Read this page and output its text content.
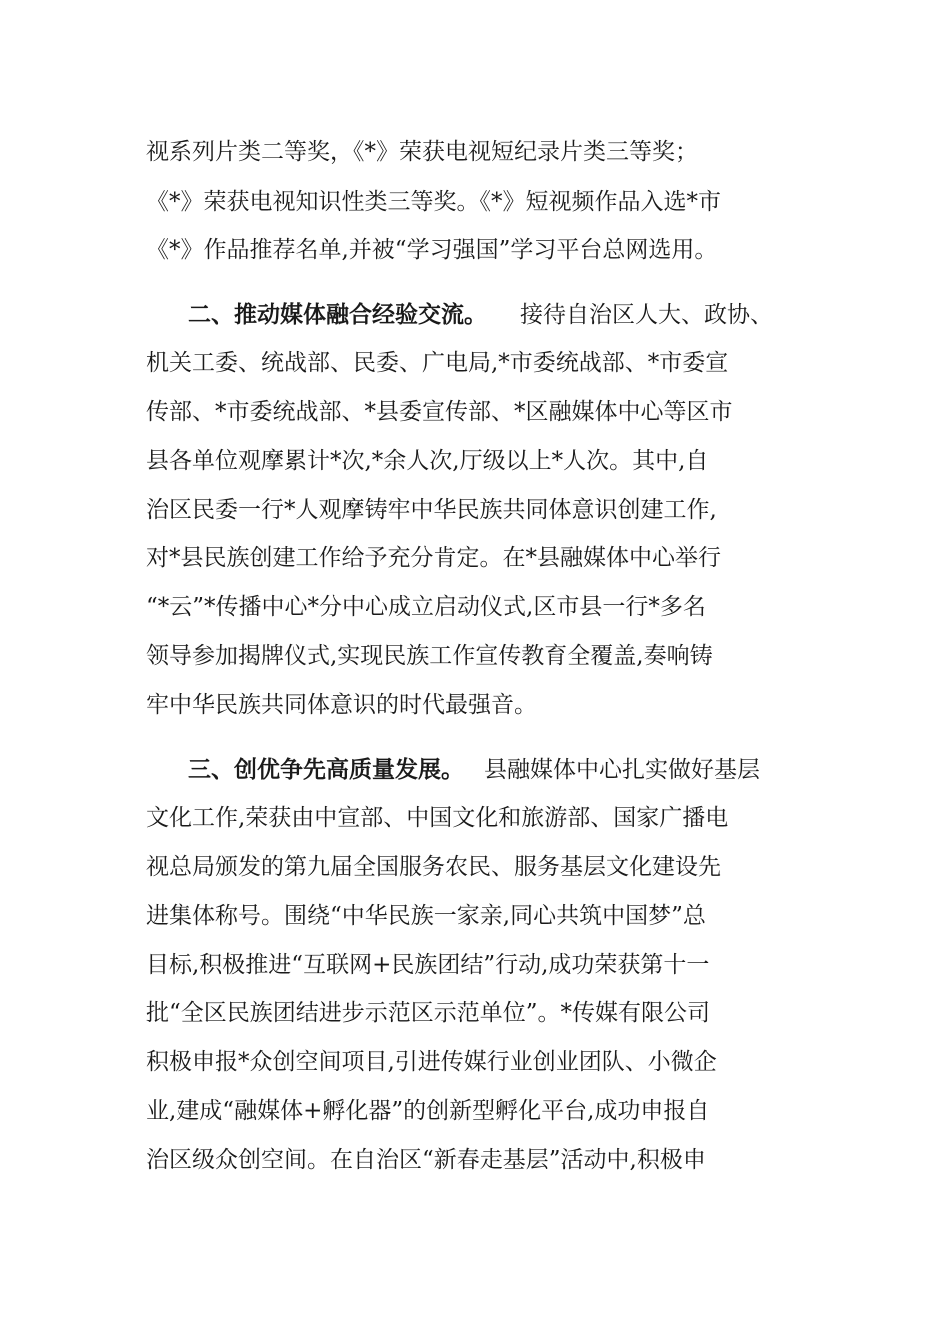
视系列片类二等奖，《*》荣获电视短纪录片类三等奖；
《*》荣获电视知识性类三等奖。《*》短视频作品入选*市
《*》作品推荐名单,并被“学习强国”学习平台总网选用。
二、推动媒体融合经验交流。 接待自治区人大、政协、
机关工委、统战部、民委、广电局,*市委统战部、*市委宣
传部、*市委统战部、*县委宣传部、*区融媒体中心等区市
县各单位观摩累计*次,*余人次,厅级以上*人次。其中,自
治区民委一行*人观摩铸牢中华民族共同体意识创建工作,
对*县民族创建工作给予充分肯定。在*县融媒体中心举行
“*云”*传播中心*分中心成立启动仪式,区市县一行*多名
领导参加揭牌仪式,实现民族工作宣传教育全覆盖,奏响铸
牢中华民族共同体意识的时代最强音。
三、创优争先高质量发展。 县融媒体中心扎实做好基层
文化工作,荣获由中宣部、中国文化和旅游部、国家广播电
视总局颁发的第九届全国服务农民、服务基层文化建设先
进集体称号。围绕“中华民族一家亲,同心共筑中国梦”总
目标,积极推进“互联网+民族团结”行动,成功荣获第十一
批“全区民族团结进步示范区示范单位”。*传媒有限公司
积极申报*众创空间项目,引进传媒行业创业团队、小微企
业,建成“融媒体+孵化器”的创新型孵化平台,成功申报自
治区级众创空间。在自治区“新春走基层”活动中,积极申
